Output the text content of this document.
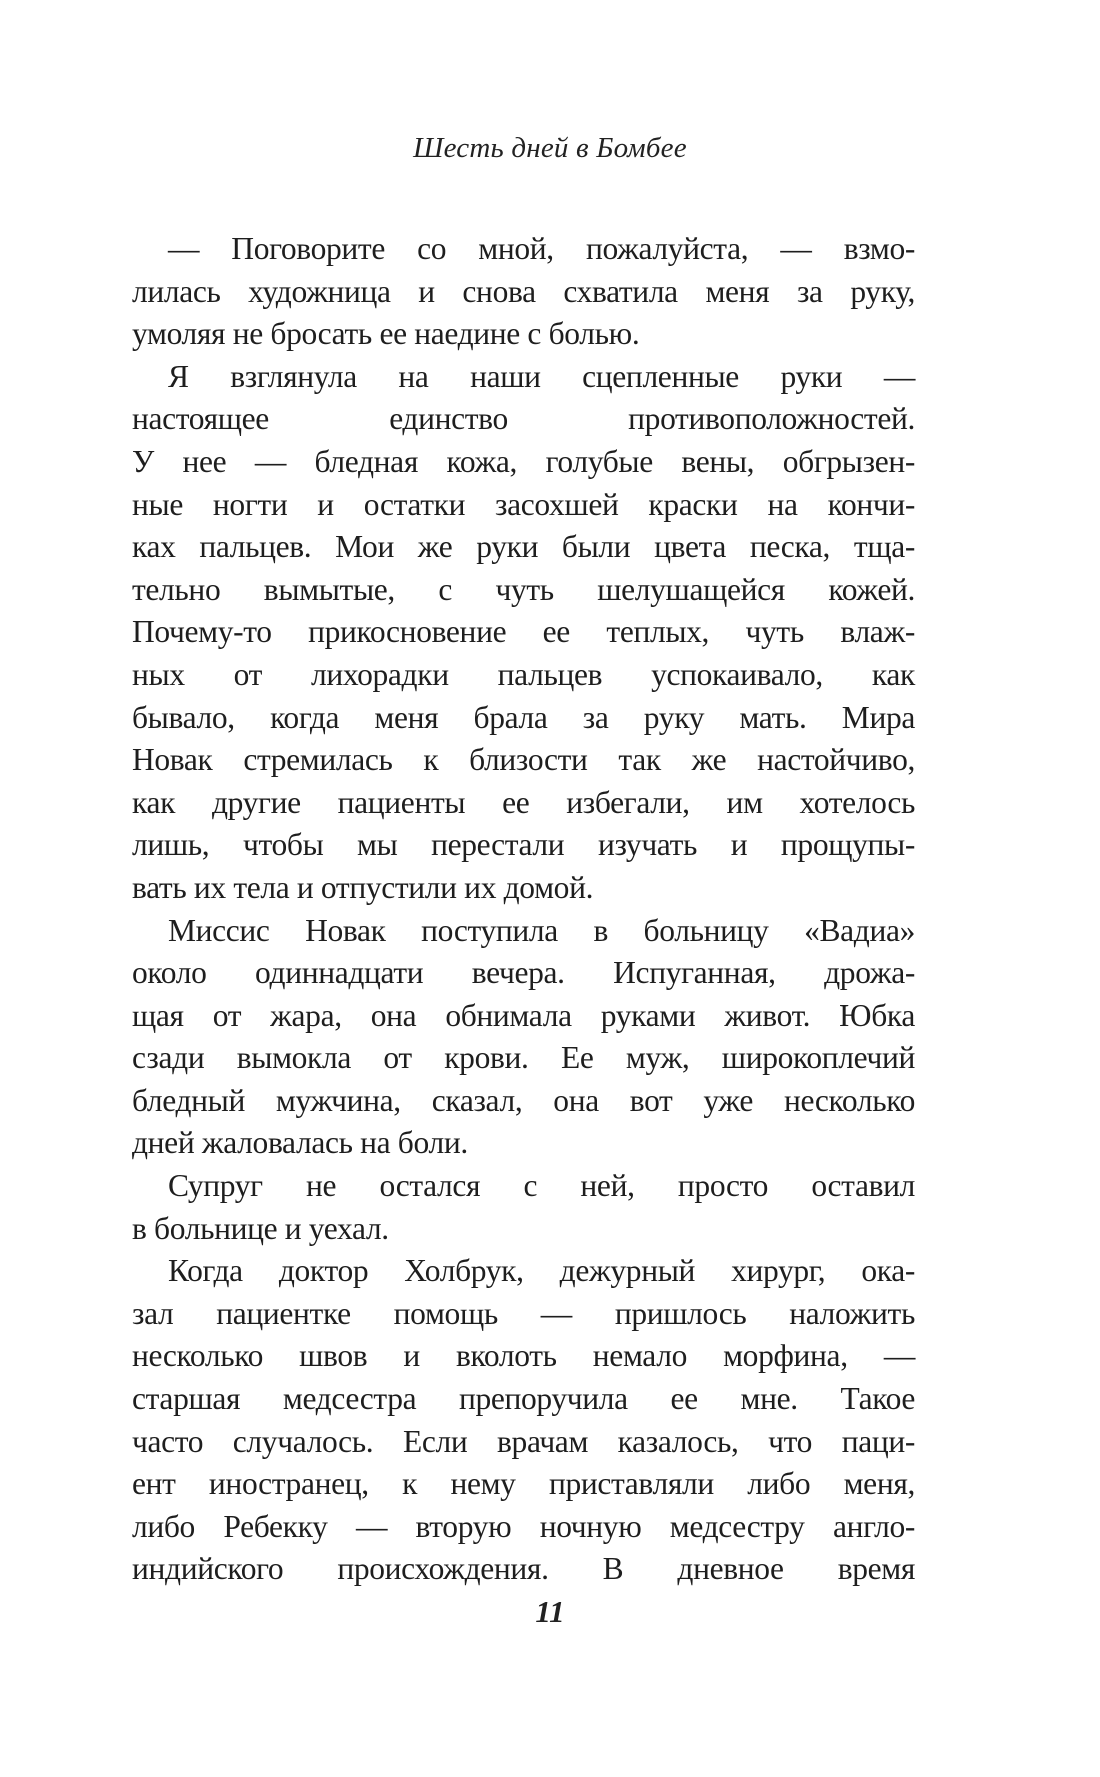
Шесть дней в Бомбее
— Поговорите со мной, пожалуйста, — взмо-
лилась художница и снова схватила меня за руку,
умоляя не бросать ее наедине с болью.
Я взглянула на наши сцепленные руки —
настоящее единство противоположностей.
У нее — бледная кожа, голубые вены, обгрызен-
ные ногти и остатки засохшей краски на кончи-
ках пальцев. Мои же руки были цвета песка, тща-
тельно вымытые, с чуть шелушащейся кожей.
Почему-то прикосновение ее теплых, чуть влаж-
ных от лихорадки пальцев успокаивало, как
бывало, когда меня брала за руку мать. Мира
Новак стремилась к близости так же настойчиво,
как другие пациенты ее избегали, им хотелось
лишь, чтобы мы перестали изучать и прощупы-
вать их тела и отпустили их домой.
Миссис Новак поступила в больницу «Вадиа»
около одиннадцати вечера. Испуганная, дрожа-
щая от жара, она обнимала руками живот. Юбка
сзади вымокла от крови. Ее муж, широкоплечий
бледный мужчина, сказал, она вот уже несколько
дней жаловалась на боли.
Супруг не остался с ней, просто оставил
в больнице и уехал.
Когда доктор Холбрук, дежурный хирург, ока-
зал пациентке помощь — пришлось наложить
несколько швов и вколоть немало морфина, —
старшая медсестра препоручила ее мне. Такое
часто случалось. Если врачам казалось, что паци-
ент иностранец, к нему приставляли либо меня,
либо Ребекку — вторую ночную медсестру англо-
индийского происхождения. В дневное время
11
